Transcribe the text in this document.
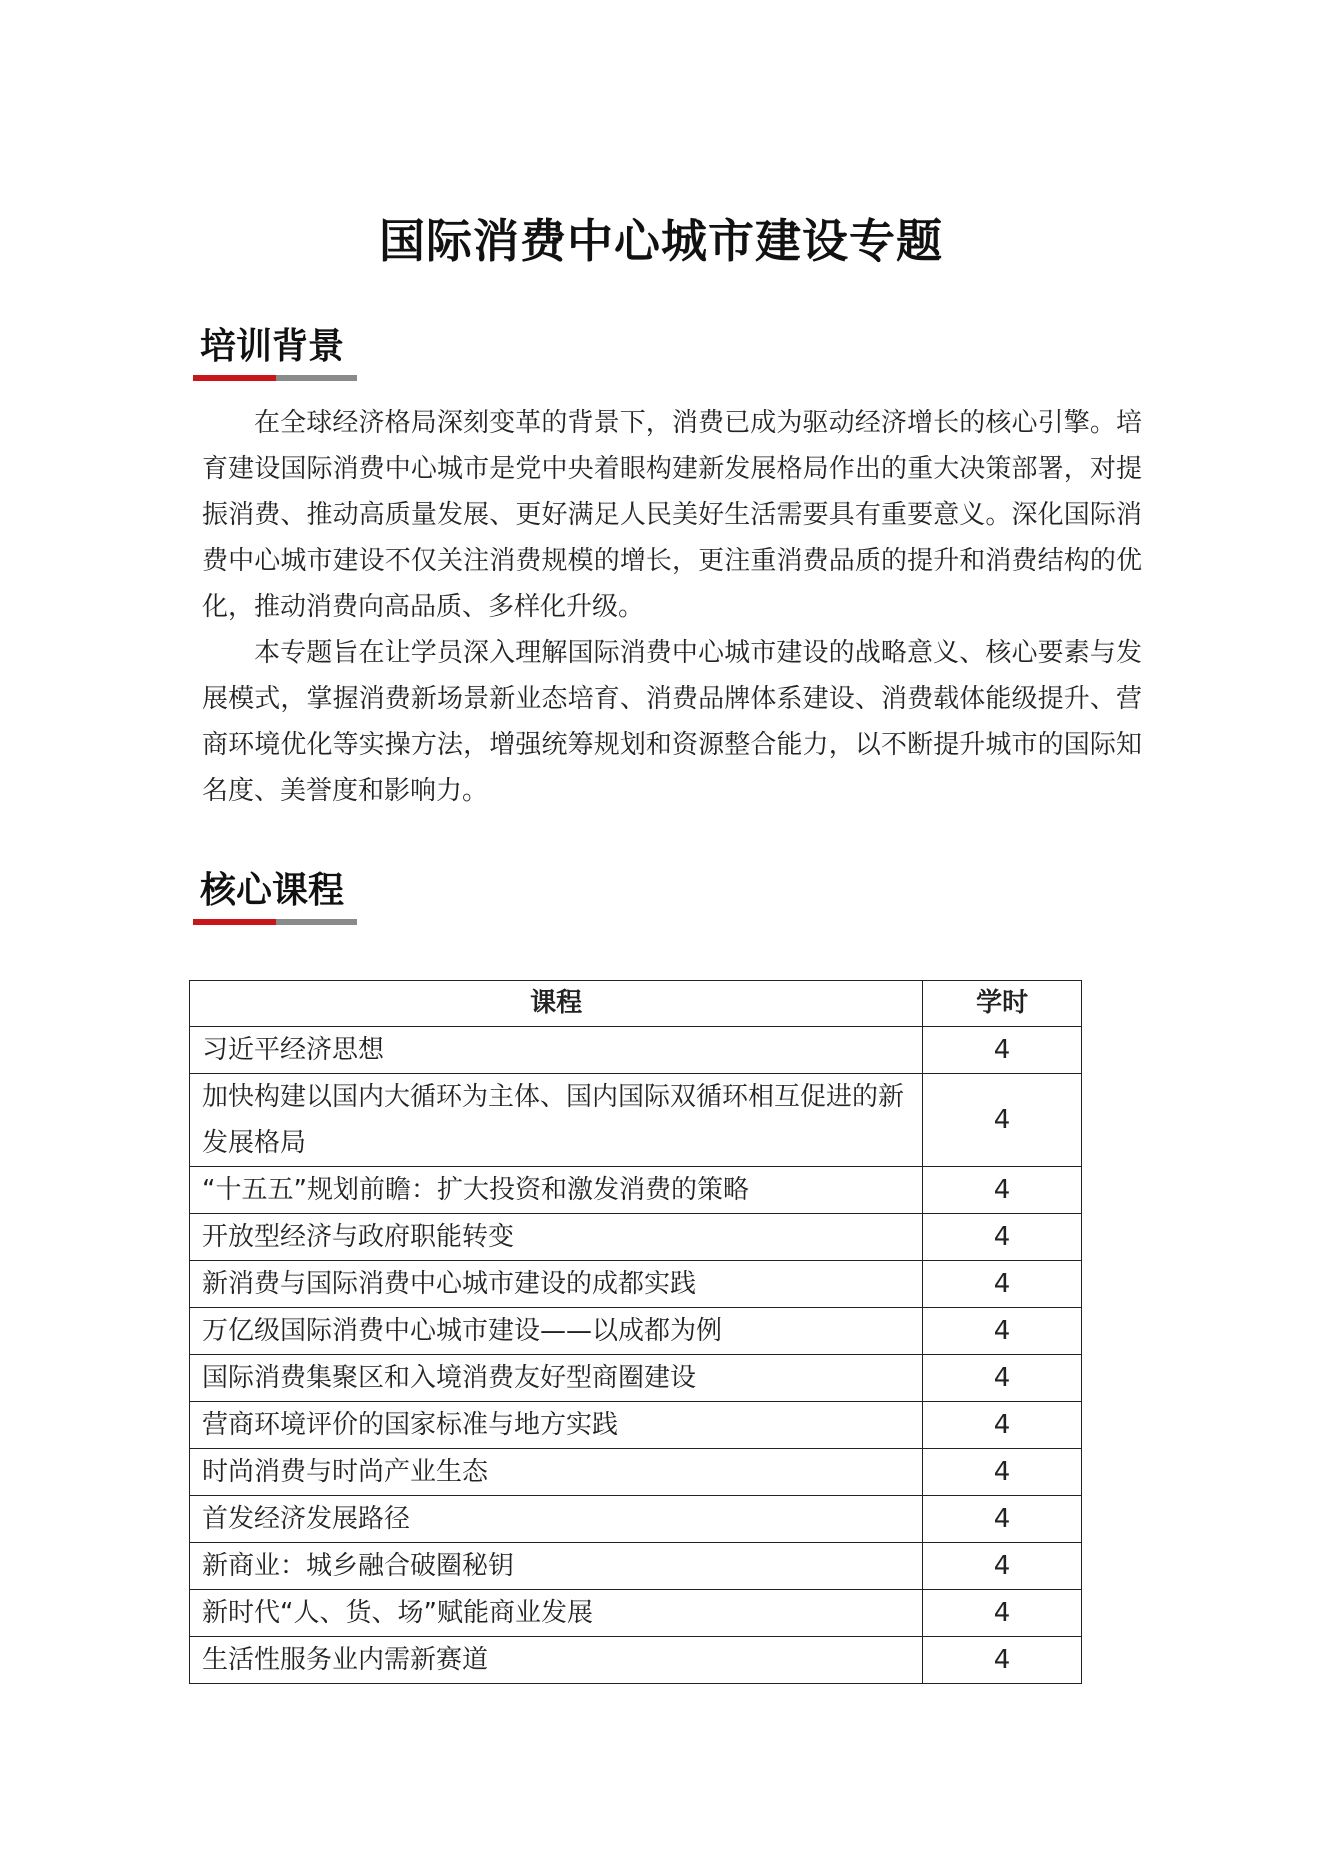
国际消费中心城市建设专题
培训背景

在全球经济格局深刻变革的背景下，消费已成为驱动经济增长的核心引擎。培育建设国际消费中心城市是党中央着眼构建新发展格局作出的重大决策部署，对提振消费、推动高质量发展、更好满足人民美好生活需要具有重要意义。深化国际消费中心城市建设不仅关注消费规模的增长，更注重消费品质的提升和消费结构的优化，推动消费向高品质、多样化升级。

本专题旨在让学员深入理解国际消费中心城市建设的战略意义、核心要素与发展模式，掌握消费新场景新业态培育、消费品牌体系建设、消费载体能级提升、营商环境优化等实操方法，增强统筹规划和资源整合能力，以不断提升城市的国际知名度、美誉度和影响力。

核心课程
课程	学时
习近平经济思想	4
加快构建以国内大循环为主体、国内国际双循环相互促进的新发展格局	4
“十五五”规划前瞻：扩大投资和激发消费的策略	4
开放型经济与政府职能转变	4
新消费与国际消费中心城市建设的成都实践	4
万亿级国际消费中心城市建设——以成都为例	4
国际消费集聚区和入境消费友好型商圈建设	4
营商环境评价的国家标准与地方实践	4
时尚消费与时尚产业生态	4
首发经济发展路径	4
新商业：城乡融合破圈秘钥	4
新时代“人、货、场”赋能商业发展	4
生活性服务业内需新赛道	4
